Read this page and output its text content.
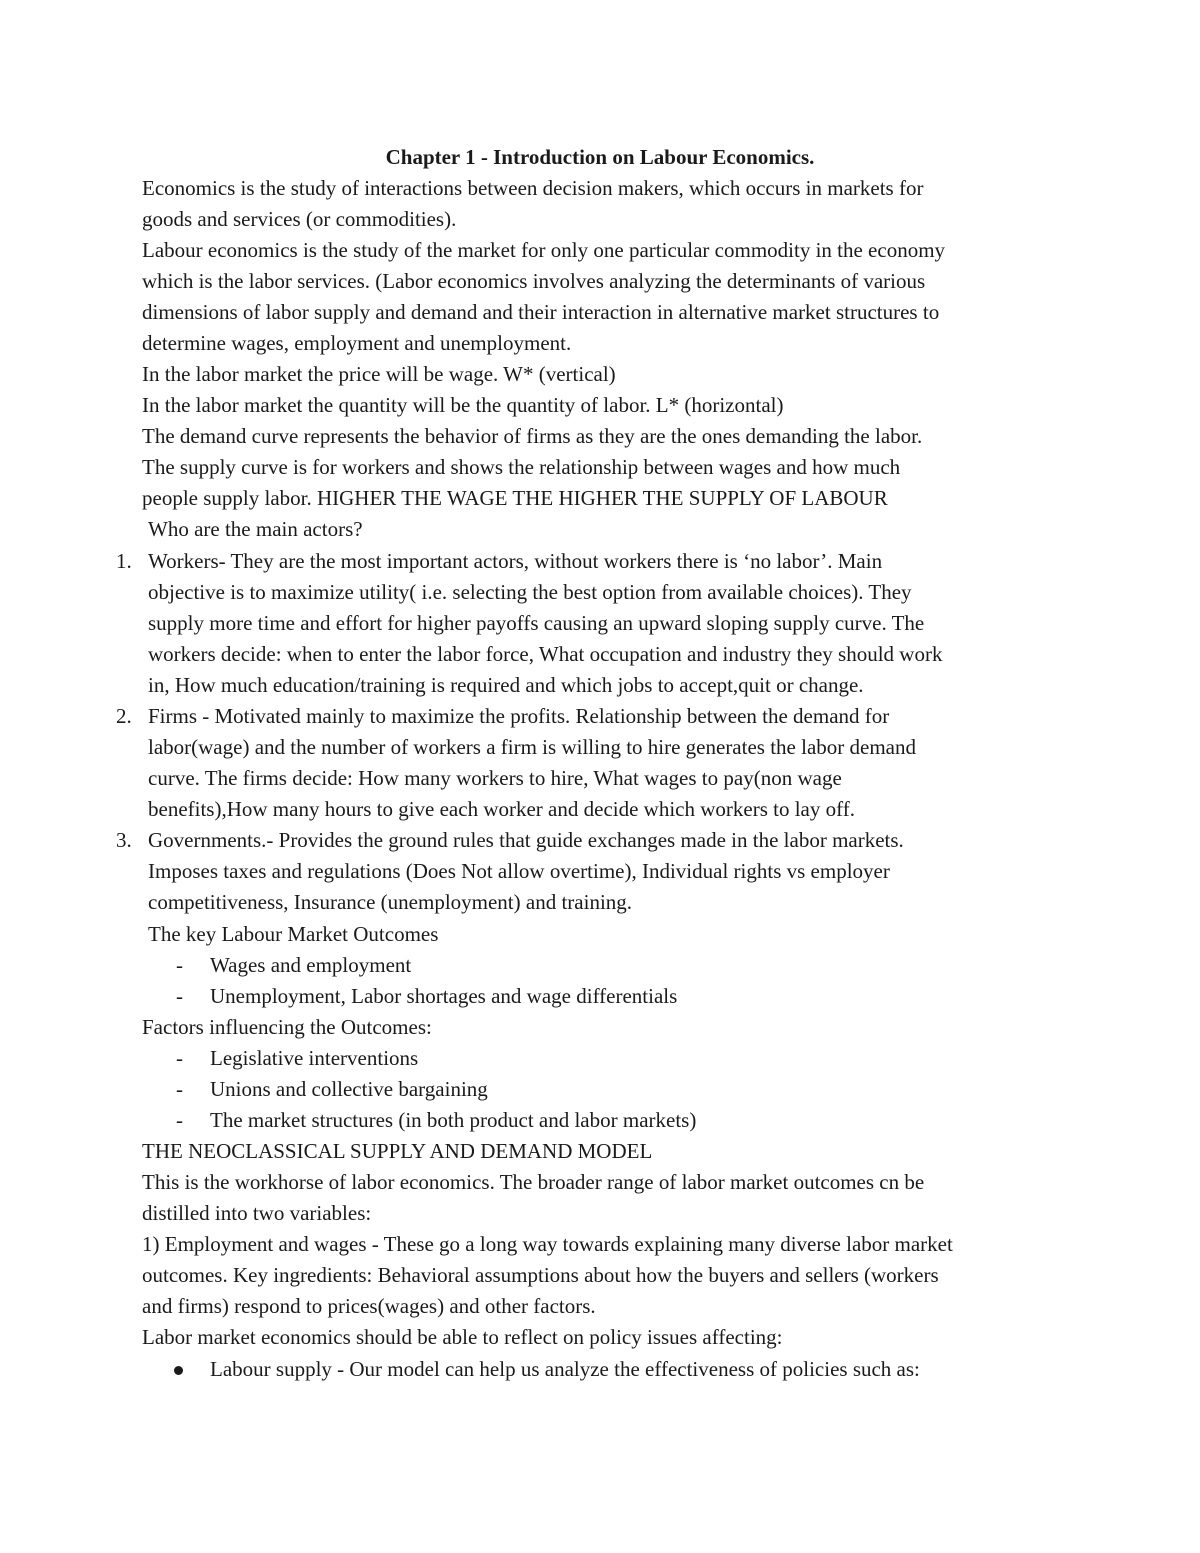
Chapter 1 - Introduction on Labour Economics.
Economics is the study of interactions between decision makers, which occurs in markets for
goods and services (or commodities).
Labour economics is the study of the market for only one particular commodity in the economy
which is the labor services. (Labor economics involves analyzing the determinants of various
dimensions of labor supply and demand and their interaction in alternative market structures to
determine wages, employment and unemployment.
In the labor market the price will be wage. W* (vertical)
In the labor market the quantity will be the quantity of labor. L* (horizontal)
The demand curve represents the behavior of firms as they are the ones demanding the labor.
The supply curve is for workers and shows the relationship between wages and how much
people supply labor. HIGHER THE WAGE THE HIGHER THE SUPPLY OF LABOUR
Who are the main actors?
1. Workers- They are the most important actors, without workers there is ‘no labor’. Main
objective is to maximize utility( i.e. selecting the best option from available choices). They
supply more time and effort for higher payoffs causing an upward sloping supply curve. The
workers decide: when to enter the labor force, What occupation and industry they should work
in, How much education/training is required and which jobs to accept,quit or change.
2. Firms - Motivated mainly to maximize the profits. Relationship between the demand for
labor(wage) and the number of workers a firm is willing to hire generates the labor demand
curve. The firms decide: How many workers to hire, What wages to pay(non wage
benefits),How many hours to give each worker and decide which workers to lay off.
3. Governments.- Provides the ground rules that guide exchanges made in the labor markets.
Imposes taxes and regulations (Does Not allow overtime), Individual rights vs employer
competitiveness, Insurance (unemployment) and training.
The key Labour Market Outcomes
- Wages and employment
- Unemployment, Labor shortages and wage differentials
Factors influencing the Outcomes:
- Legislative interventions
- Unions and collective bargaining
- The market structures (in both product and labor markets)
THE NEOCLASSICAL SUPPLY AND DEMAND MODEL
This is the workhorse of labor economics. The broader range of labor market outcomes cn be
distilled into two variables:
1) Employment and wages - These go a long way towards explaining many diverse labor market
outcomes. Key ingredients: Behavioral assumptions about how the buyers and sellers (workers
and firms) respond to prices(wages) and other factors.
Labor market economics should be able to reflect on policy issues affecting:
Labour supply - Our model can help us analyze the effectiveness of policies such as:
